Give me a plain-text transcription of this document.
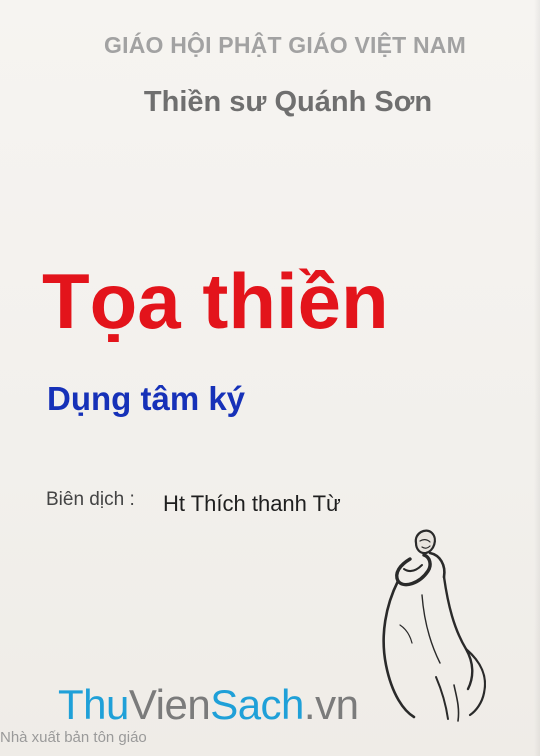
GIÁO HỘI PHẬT GIÁO VIỆT NAM
Thiền sư Quánh Sơn
Tọa thiền
Dụng tâm ký
Biên dịch : Ht Thích thanh Từ
ThuVienSach.vn
Nhà xuất bản tôn giáo
